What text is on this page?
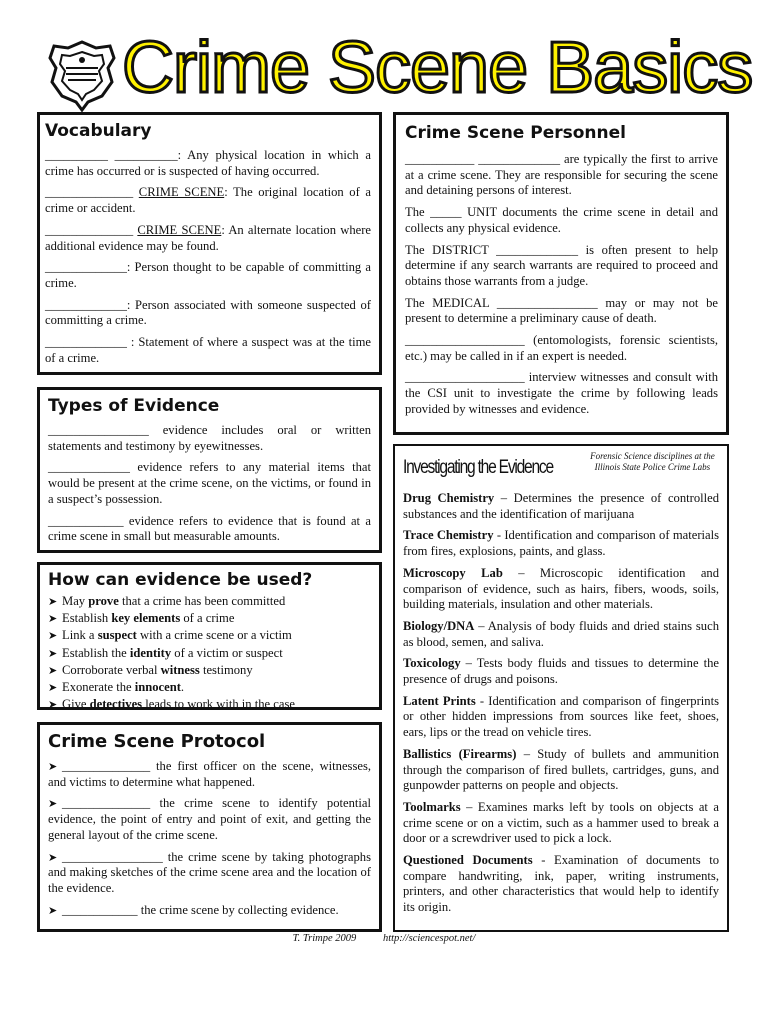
Crime Scene Basics
Vocabulary

__________ __________: Any physical location in which a crime has occurred or is suspected of having occurred.

______________ CRIME SCENE: The original location of a crime or accident.

______________ CRIME SCENE: An alternate location where additional evidence may be found.

_____________: Person thought to be capable of committing a crime.

_____________: Person associated with someone suspected of committing a crime.

_____________ : Statement of where a suspect was at the time of a crime.

Types of Evidence

________________ evidence includes oral or written statements and testimony by eyewitnesses.

_____________ evidence refers to any material items that would be present at the crime scene, on the victims, or found in a suspect’s possession.

____________ evidence refers to evidence that is found at a crime scene in small but measurable amounts.

How can evidence be used?
➤ May prove that a crime has been committed
➤ Establish key elements of a crime
➤ Link a suspect with a crime scene or a victim
➤ Establish the identity of a victim or suspect
➤ Corroborate verbal witness testimony
➤ Exonerate the innocent.
➤ Give detectives leads to work with in the case
Crime Scene Protocol

➤ ______________ the first officer on the scene, witnesses, and victims to determine what happened.

➤ ______________ the crime scene to identify potential evidence, the point of entry and point of exit, and getting the general layout of the crime scene.

➤ ________________ the crime scene by taking photographs and making sketches of the crime scene area and the location of the evidence.

➤ ____________ the crime scene by collecting evidence.

Crime Scene Personnel

___________ _____________ are typically the first to arrive at a crime scene. They are responsible for securing the scene and detaining persons of interest.

The _____ UNIT documents the crime scene in detail and collects any physical evidence.

The DISTRICT _____________ is often present to help determine if any search warrants are required to proceed and obtains those warrants from a judge.

The MEDICAL ________________ may or may not be present to determine a preliminary cause of death.

___________________ (entomologists, forensic scientists, etc.) may be called in if an expert is needed.

___________________ interview witnesses and consult with the CSI unit to investigate the crime by following leads provided by witnesses and evidence.

Investigating the Evidence
Forensic Science disciplines at the Illinois State Police Crime Labs

Drug Chemistry – Determines the presence of controlled substances and the identification of marijuana

Trace Chemistry - Identification and comparison of materials from fires, explosions, paints, and glass.

Microscopy Lab – Microscopic identification and comparison of evidence, such as hairs, fibers, woods, soils, building materials, insulation and other materials.

Biology/DNA – Analysis of body fluids and dried stains such as blood, semen, and saliva.

Toxicology – Tests body fluids and tissues to determine the presence of drugs and poisons.

Latent Prints - Identification and comparison of fingerprints or other hidden impressions from sources like feet, shoes, ears, lips or the tread on vehicle tires.

Ballistics (Firearms) – Study of bullets and ammunition through the comparison of fired bullets, cartridges, guns, and gunpowder patterns on people and objects.

Toolmarks – Examines marks left by tools on objects at a crime scene or on a victim, such as a hammer used to break a door or a screwdriver used to pick a lock.

Questioned Documents - Examination of documents to compare handwriting, ink, paper, writing instruments, printers, and other characteristics that would help to identify its origin.

T. Trimpe 2009	http://sciencespot.net/
